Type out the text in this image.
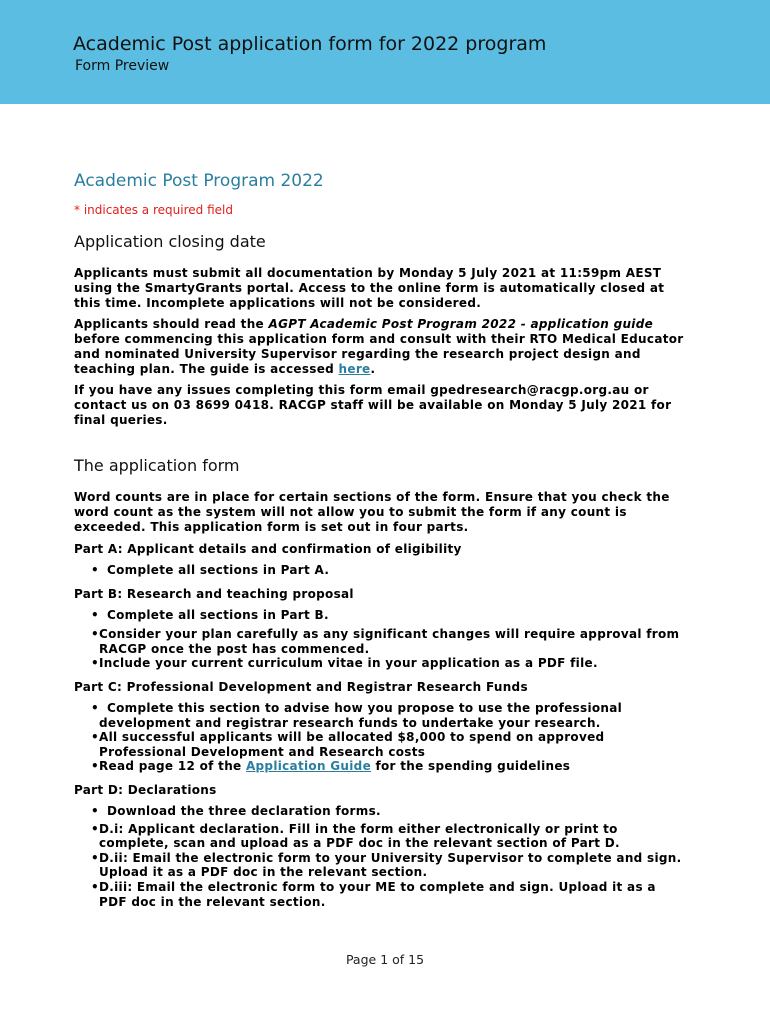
Academic Post application form for 2022 program
Form Preview
Academic Post Program 2022
* indicates a required field
Application closing date

Applicants must submit all documentation by Monday 5 July 2021 at 11:59pm AEST using the SmartyGrants portal. Access to the online form is automatically closed at this time. Incomplete applications will not be considered.

Applicants should read the AGPT Academic Post Program 2022 - application guide before commencing this application form and consult with their RTO Medical Educator and nominated University Supervisor regarding the research project design and teaching plan. The guide is accessed here.

If you have any issues completing this form email gpedresearch@racgp.org.au or contact us on 03 8699 0418. RACGP staff will be available on Monday 5 July 2021 for final queries.

The application form

Word counts are in place for certain sections of the form. Ensure that you check the word count as the system will not allow you to submit the form if any count is exceeded. This application form is set out in four parts.

Part A: Applicant details and confirmation of eligibility
• Complete all sections in Part A.
Part B: Research and teaching proposal
• Complete all sections in Part B.
• Consider your plan carefully as any significant changes will require approval from RACGP once the post has commenced.
• Include your current curriculum vitae in your application as a PDF file.
Part C: Professional Development and Registrar Research Funds
• Complete this section to advise how you propose to use the professional development and registrar research funds to undertake your research.
• All successful applicants will be allocated $8,000 to spend on approved Professional Development and Research costs
• Read page 12 of the Application Guide for the spending guidelines
Part D: Declarations
• Download the three declaration forms.
• D.i: Applicant declaration. Fill in the form either electronically or print to complete, scan and upload as a PDF doc in the relevant section of Part D.
• D.ii: Email the electronic form to your University Supervisor to complete and sign. Upload it as a PDF doc in the relevant section.
• D.iii: Email the electronic form to your ME to complete and sign. Upload it as a PDF doc in the relevant section.
Page 1 of 15
